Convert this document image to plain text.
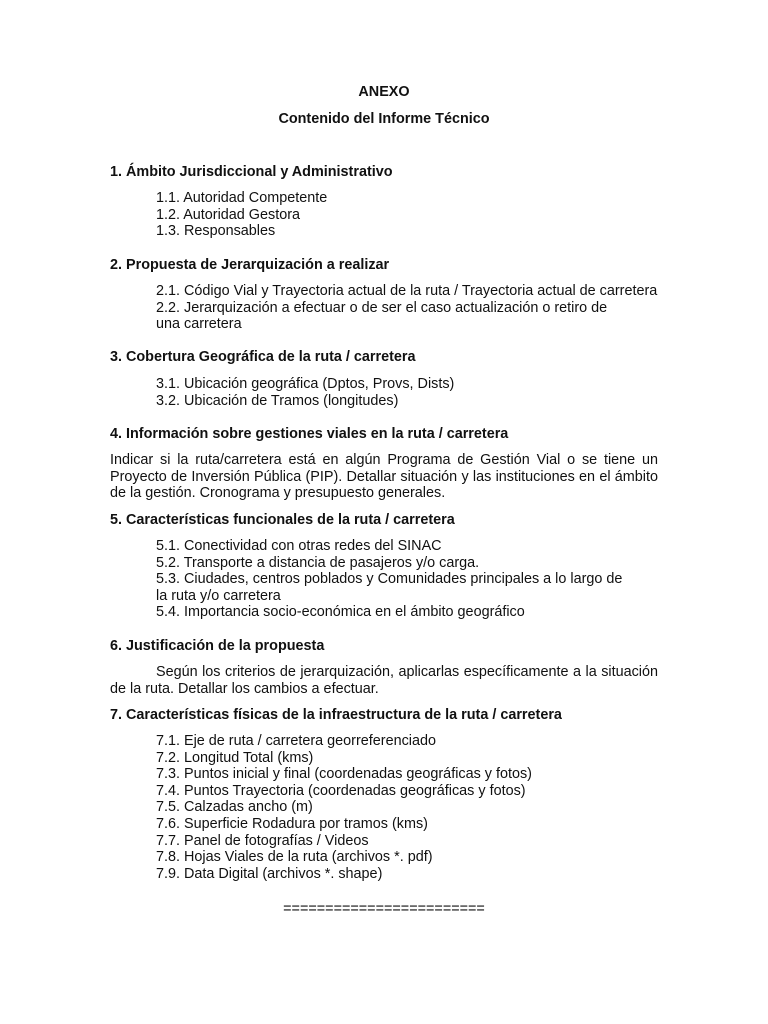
ANEXO
Contenido del Informe Técnico
1. Ámbito Jurisdiccional y Administrativo
1.1. Autoridad Competente
1.2. Autoridad Gestora
1.3. Responsables
2. Propuesta de Jerarquización a realizar
2.1. Código Vial y Trayectoria actual de la ruta / Trayectoria actual de carretera
2.2. Jerarquización a efectuar o de ser el caso actualización o retiro de una carretera
3. Cobertura Geográfica de la ruta / carretera
3.1. Ubicación geográfica (Dptos, Provs, Dists)
3.2. Ubicación de Tramos (longitudes)
4. Información sobre gestiones viales en la ruta / carretera
Indicar si la ruta/carretera está en algún Programa de Gestión Vial o se tiene un Proyecto de Inversión Pública (PIP). Detallar situación y las instituciones en el ámbito de la gestión. Cronograma y presupuesto generales.
5. Características funcionales de la ruta / carretera
5.1. Conectividad con otras redes del SINAC
5.2. Transporte a distancia de pasajeros y/o carga.
5.3. Ciudades, centros poblados y Comunidades principales a lo largo de la ruta y/o carretera
5.4. Importancia socio-económica en el ámbito geográfico
6. Justificación de la propuesta
Según los criterios de jerarquización, aplicarlas específicamente a la situación de la ruta. Detallar los cambios a efectuar.
7. Características físicas de la infraestructura de la ruta / carretera
7.1. Eje de ruta / carretera georreferenciado
7.2. Longitud Total (kms)
7.3. Puntos inicial y final (coordenadas geográficas y fotos)
7.4. Puntos Trayectoria (coordenadas geográficas y fotos)
7.5. Calzadas ancho (m)
7.6. Superficie Rodadura por tramos (kms)
7.7. Panel de fotografías / Videos
7.8. Hojas Viales de la ruta (archivos *. pdf)
7.9. Data Digital (archivos *. shape)
========================
